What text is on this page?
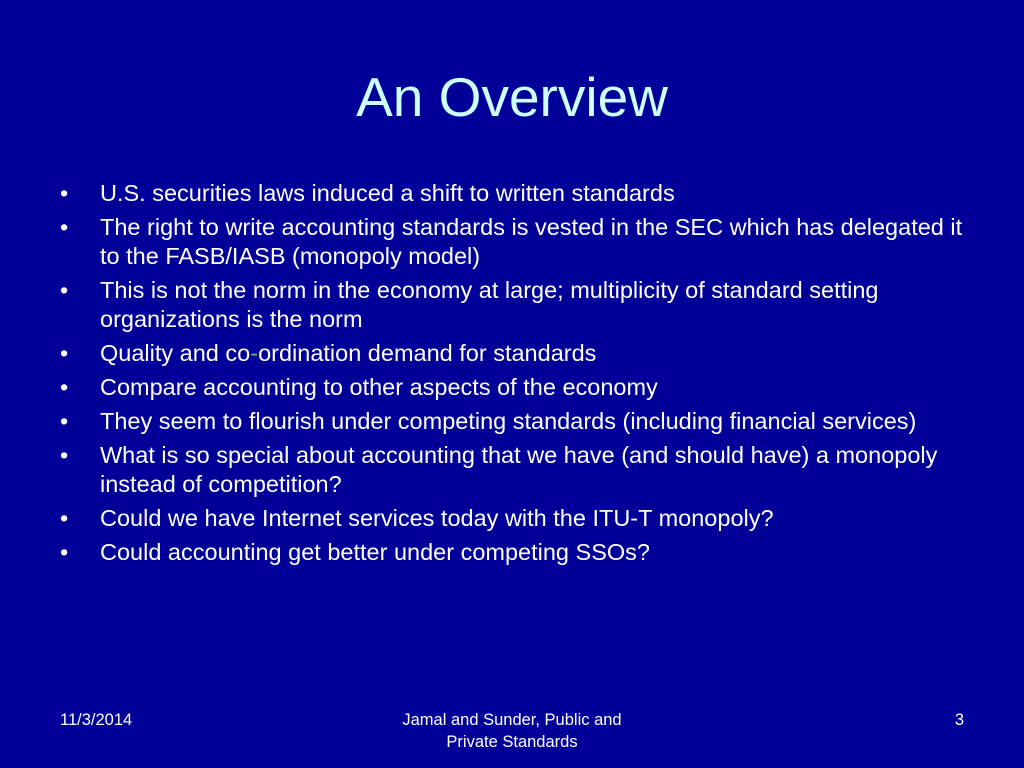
An Overview
•	U.S. securities laws induced a shift to written standards
•	The right to write accounting standards is vested in the SEC which has delegated it to the FASB/IASB (monopoly model)
•	This is not the norm in the economy at large; multiplicity of standard setting organizations is the norm
•	Quality and co-ordination demand for standards
•	Compare accounting to other aspects of the economy
•	They seem to flourish under competing standards (including financial services)
•	What is so special about accounting that we have (and should have) a monopoly instead of competition?
•	Could we have Internet services today with the ITU-T monopoly?
•	Could accounting get better under competing SSOs?
11/3/2014	Jamal and Sunder, Public and
Private Standards
3
